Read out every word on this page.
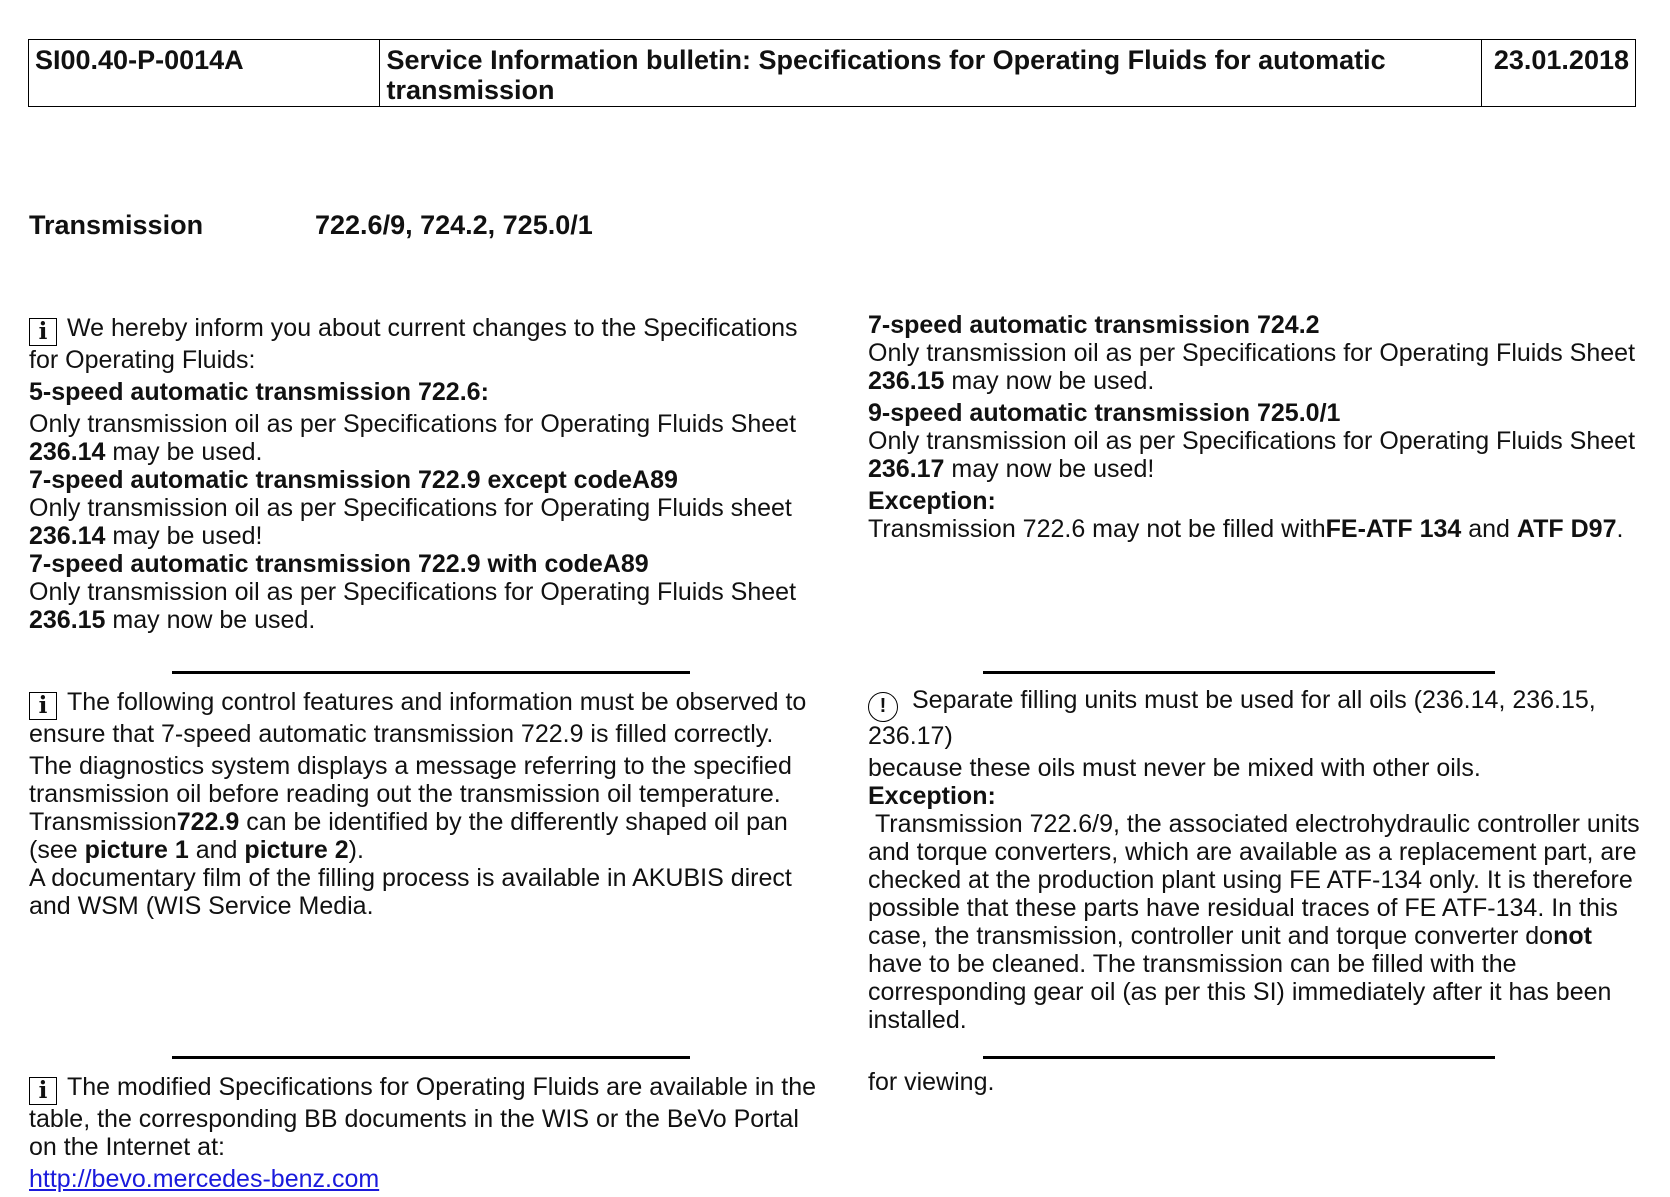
SI00.40-P-0014A	Service Information bulletin: Specifications for Operating Fluids for automatic transmission
23.01.2018
Transmission	722.6/9, 724.2, 725.0/1

i We hereby inform you about current changes to the Specifications for Operating Fluids:

5-speed automatic transmission 722.6:

Only transmission oil as per Specifications for Operating Fluids Sheet
236.14 may be used.

7-speed automatic transmission 722.9 except codeA89

Only transmission oil as per Specifications for Operating Fluids sheet
236.14 may be used!

7-speed automatic transmission 722.9 with codeA89

Only transmission oil as per Specifications for Operating Fluids Sheet
236.15 may now be used.

7-speed automatic transmission 724.2

Only transmission oil as per Specifications for Operating Fluids Sheet
236.15 may now be used.

9-speed automatic transmission 725.0/1

Only transmission oil as per Specifications for Operating Fluids Sheet
236.17 may now be used!

Exception:

Transmission 722.6 may not be filled withFE-ATF 134 and ATF D97.

i The following control features and information must be observed to ensure that 7-speed automatic transmission 722.9 is filled correctly.

The diagnostics system displays a message referring to the specified transmission oil before reading out the transmission oil temperature.

Transmission722.9 can be identified by the differently shaped oil pan (see picture 1 and picture 2).

A documentary film of the filling process is available in AKUBIS direct and WSM (WIS Service Media.

! Separate filling units must be used for all oils (236.14, 236.15, 236.17)

because these oils must never be mixed with other oils.

Exception:

Transmission 722.6/9, the associated electrohydraulic controller units and torque converters, which are available as a replacement part, are checked at the production plant using FE ATF-134 only. It is therefore possible that these parts have residual traces of FE ATF-134. In this case, the transmission, controller unit and torque converter donot have to be cleaned. The transmission can be filled with the corresponding gear oil (as per this SI) immediately after it has been installed.

i The modified Specifications for Operating Fluids are available in the table, the corresponding BB documents in the WIS or the BeVo Portal on the Internet at:

http://bevo.mercedes-benz.com

for viewing.
